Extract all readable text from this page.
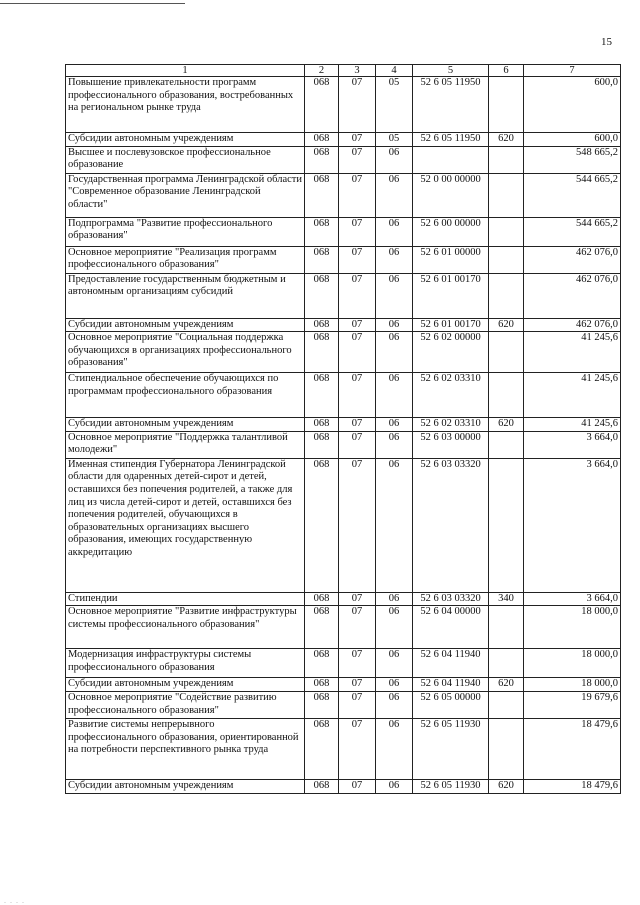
15
1	2	3	4	5	6	7
Повышение привлекательности программ профессионального образования, востребованных на региональном рынке труда	068	07	05	52 6 05 11950		600,0
Субсидии автономным учреждениям	068	07	05	52 6 05 11950	620	600,0
Высшее и послевузовское профессиональное образование	068	07	06			548 665,2
Государственная программа Ленинградской области "Современное образование Ленинградской области"	068	07	06	52 0 00 00000		544 665,2
Подпрограмма "Развитие профессионального образования"	068	07	06	52 6 00 00000		544 665,2
Основное мероприятие "Реализация программ профессионального образования"	068	07	06	52 6 01 00000		462 076,0
Предоставление государственным бюджетным и автономным организациям субсидий	068	07	06	52 6 01 00170		462 076,0
Субсидии автономным учреждениям	068	07	06	52 6 01 00170	620	462 076,0
Основное мероприятие "Социальная поддержка обучающихся в организациях профессионального образования"	068	07	06	52 6 02 00000		41 245,6
Стипендиальное обеспечение обучающихся по программам профессионального образования	068	07	06	52 6 02 03310		41 245,6
Субсидии автономным учреждениям	068	07	06	52 6 02 03310	620	41 245,6
Основное мероприятие "Поддержка талантливой молодежи"	068	07	06	52 6 03 00000		3 664,0
Именная стипендия Губернатора Ленинградской области для одаренных детей-сирот и детей, оставшихся без попечения родителей, а также для лиц из числа детей-сирот и детей, оставшихся без попечения родителей, обучающихся в образовательных организациях высшего образования, имеющих государственную аккредитацию	068	07	06	52 6 03 03320		3 664,0
Стипендии	068	07	06	52 6 03 03320	340	3 664,0
Основное мероприятие "Развитие инфраструктуры системы профессионального образования"	068	07	06	52 6 04 00000		18 000,0
Модернизация инфраструктуры системы профессионального образования	068	07	06	52 6 04 11940		18 000,0
Субсидии автономным учреждениям	068	07	06	52 6 04 11940	620	18 000,0
Основное мероприятие "Содействие развитию профессионального образования"	068	07	06	52 6 05 00000		19 679,6
Развитие системы непрерывного профессионального образования, ориентированной на потребности перспективного рынка труда	068	07	06	52 6 05 11930		18 479,6
Субсидии автономным учреждениям	068	07	06	52 6 05 11930	620	18 479,6
. . . .
